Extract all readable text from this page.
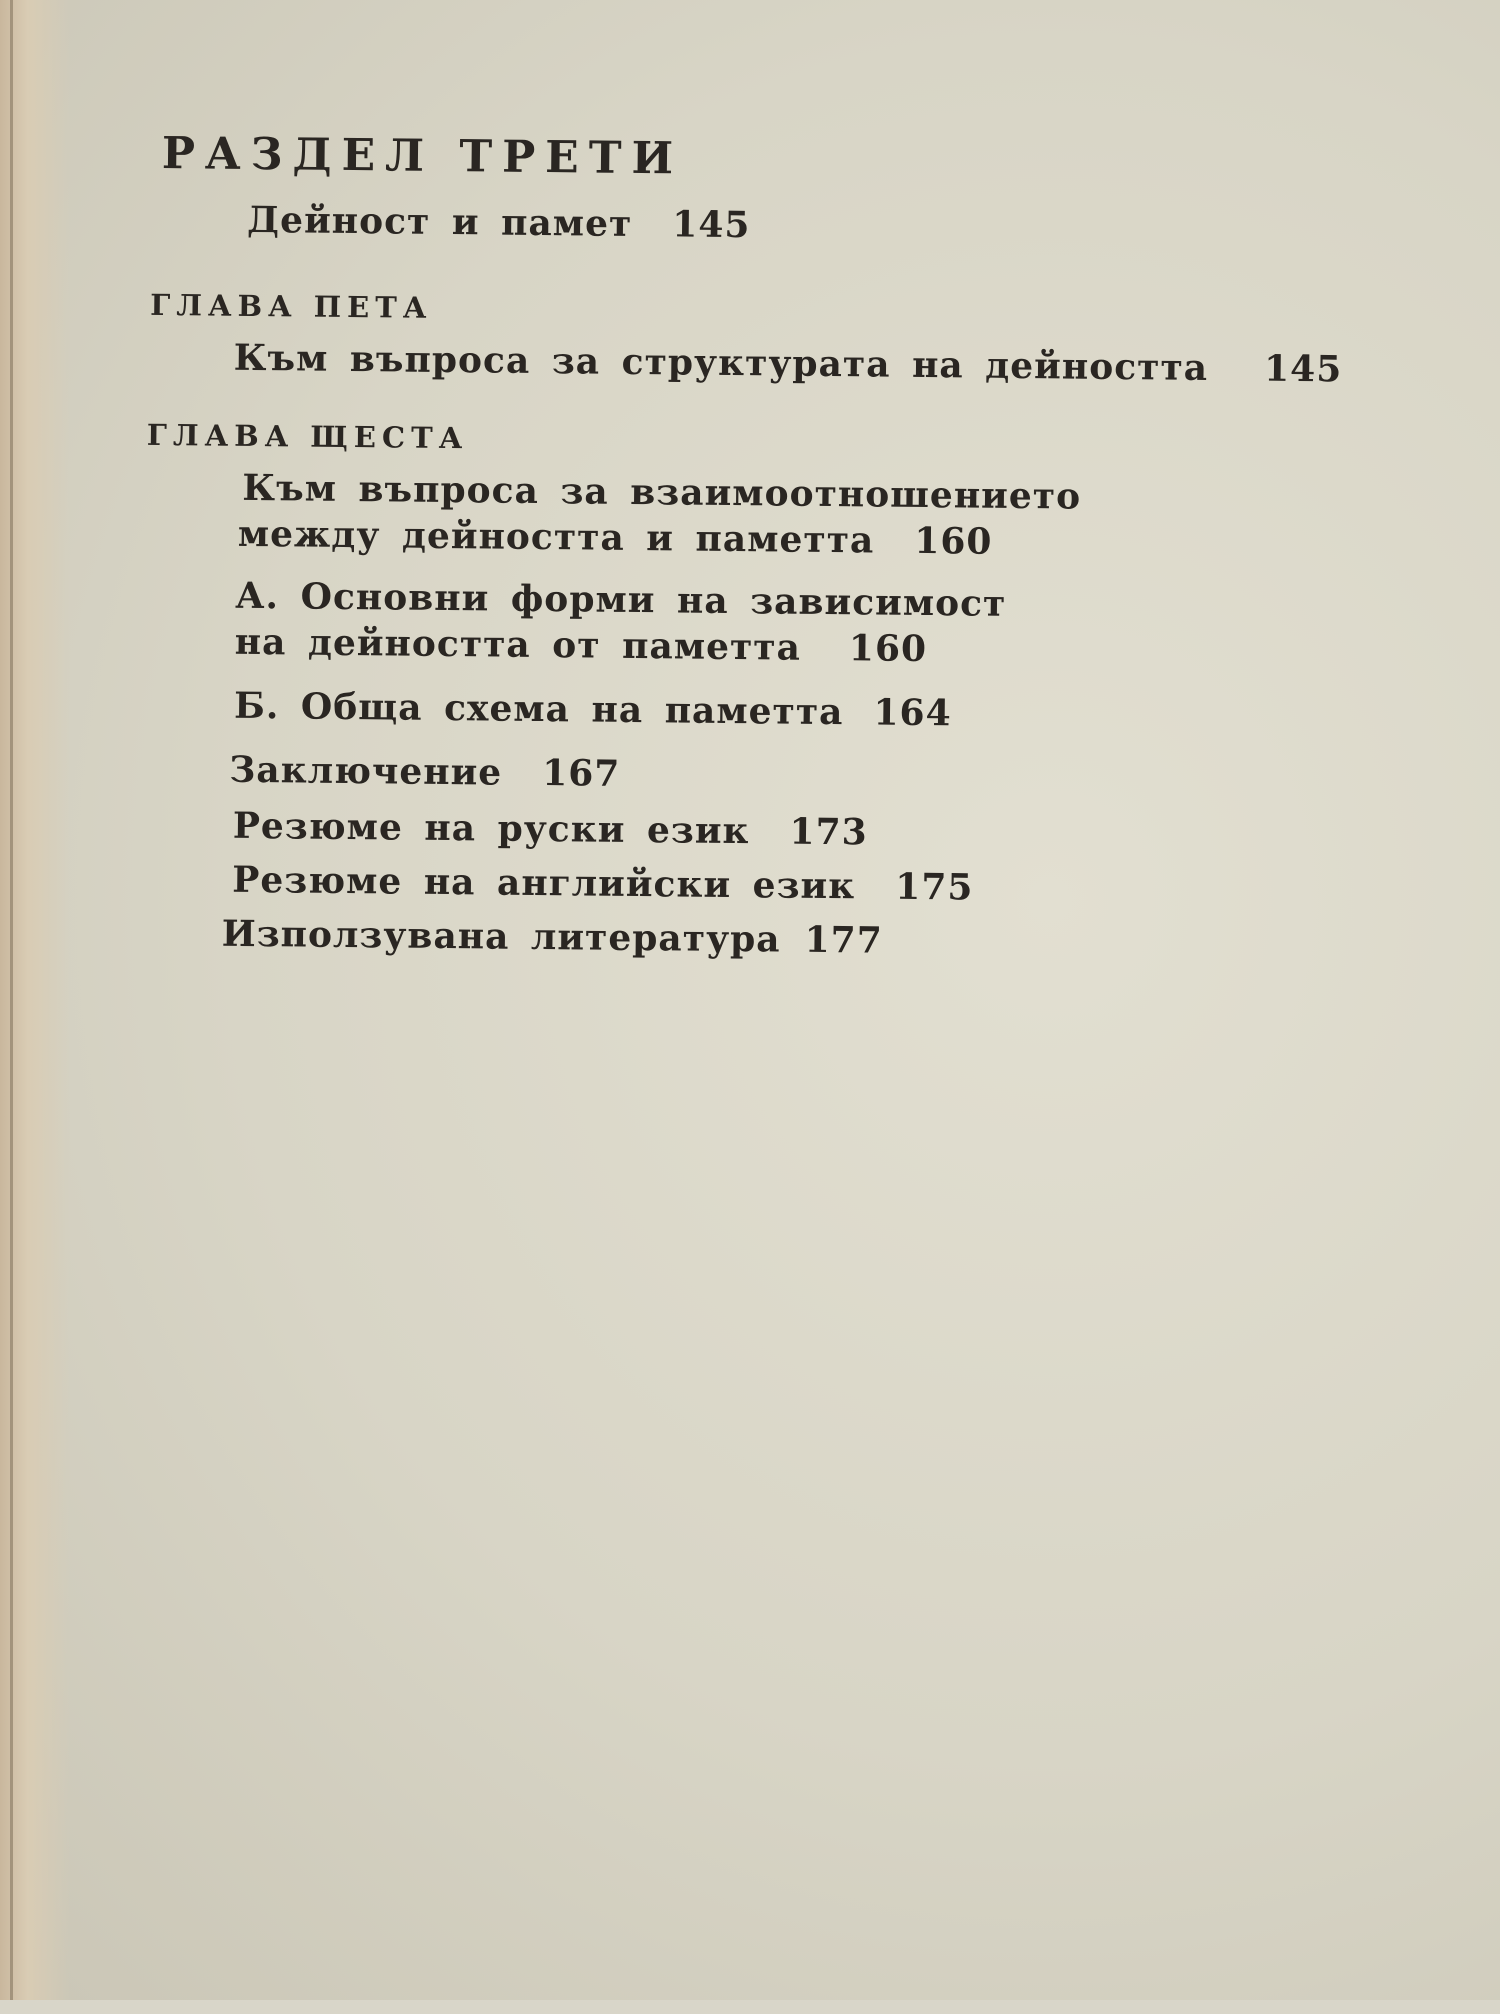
РАЗДЕЛ ТРЕТИ
Дейност и памет 145
ГЛАВА ПЕТА
Към въпроса за структурата на дейността 145
ГЛАВА ЩЕСТА
Към въпроса за взаимоотношението
между дейността и паметта 160
А. Основни форми на зависимост
на дейността от паметта 160
Б. Обща схема на паметта 164
Заключение 167
Резюме на руски език 173
Резюме на английски език 175
Използувана литература 177
